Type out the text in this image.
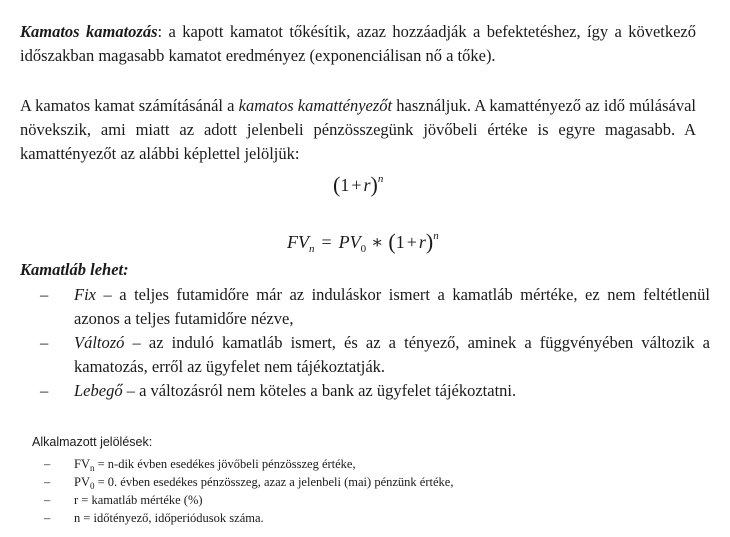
Kamatos kamatozás: a kapott kamatot tőkésítik, azaz hozzáadják a befektetéshez, így a következő időszakban magasabb kamatot eredményez (exponenciálisan nő a tőke).
A kamatos kamat számításánál a kamatos kamattényezőt használjuk. A kamattényező az idő múlásával növekszik, ami miatt az adott jelenbeli pénzösszegünk jövőbeli értéke is egyre magasabb. A kamattényezőt az alábbi képlettel jelöljük:
$(1 + r)^n$
$FV_n = PV_0$ ∗ $(1 + r)^n$
Kamatláb lehet:
– Fix – a teljes futamidőre már az induláskor ismert a kamatláb mértéke, ez nem feltétlenül azonos a teljes futamidőre nézve,
– Változó – az induló kamatláb ismert, és az a tényező, aminek a függvényében változik a kamatozás, erről az ügyfelet nem tájékoztatják.
– Lebegő – a változásról nem köteles a bank az ügyfelet tájékoztatni.
Alkalmazott jelölések:
– $FV_n = n-dik$ évben esedékes jövőbeli pénzösszeg értéke,
– $PV_0 = 0$. évben esedékes pénzösszeg, azaz a jelenbeli (mai) pénzünk értéke,
– r = kamatláb mértéke (%)
– n = időtényező, időperiódusok száma.
